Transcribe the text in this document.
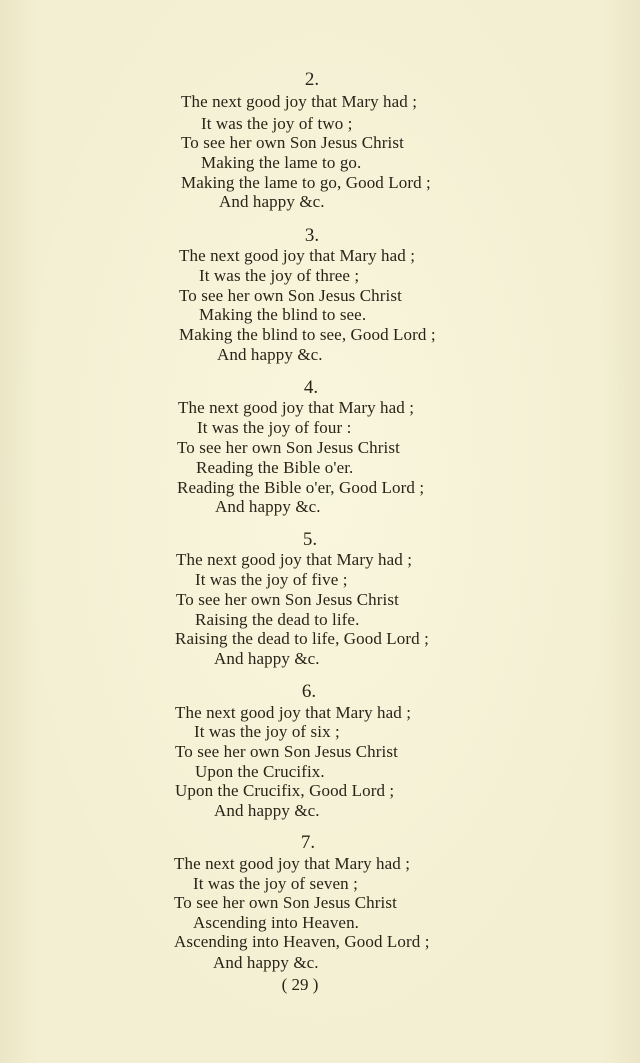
2.
The next good joy that Mary had ;
It was the joy of two ;
To see her own Son Jesus Christ
Making the lame to go.
Making the lame to go, Good Lord ;
And happy &c.
3.
The next good joy that Mary had ;
It was the joy of three ;
To see her own Son Jesus Christ
Making the blind to see.
Making the blind to see, Good Lord ;
And happy &c.
4.
The next good joy that Mary had ;
It was the joy of four :
To see her own Son Jesus Christ
Reading the Bible o'er.
Reading the Bible o'er, Good Lord ;
And happy &c.
5.
The next good joy that Mary had ;
It was the joy of five ;
To see her own Son Jesus Christ
Raising the dead to life.
Raising the dead to life, Good Lord ;
And happy &c.
6.
The next good joy that Mary had ;
It was the joy of six ;
To see her own Son Jesus Christ
Upon the Crucifix.
Upon the Crucifix, Good Lord ;
And happy &c.
7.
The next good joy that Mary had ;
It was the joy of seven ;
To see her own Son Jesus Christ
Ascending into Heaven.
Ascending into Heaven, Good Lord ;
And happy &c.
( 29 )
